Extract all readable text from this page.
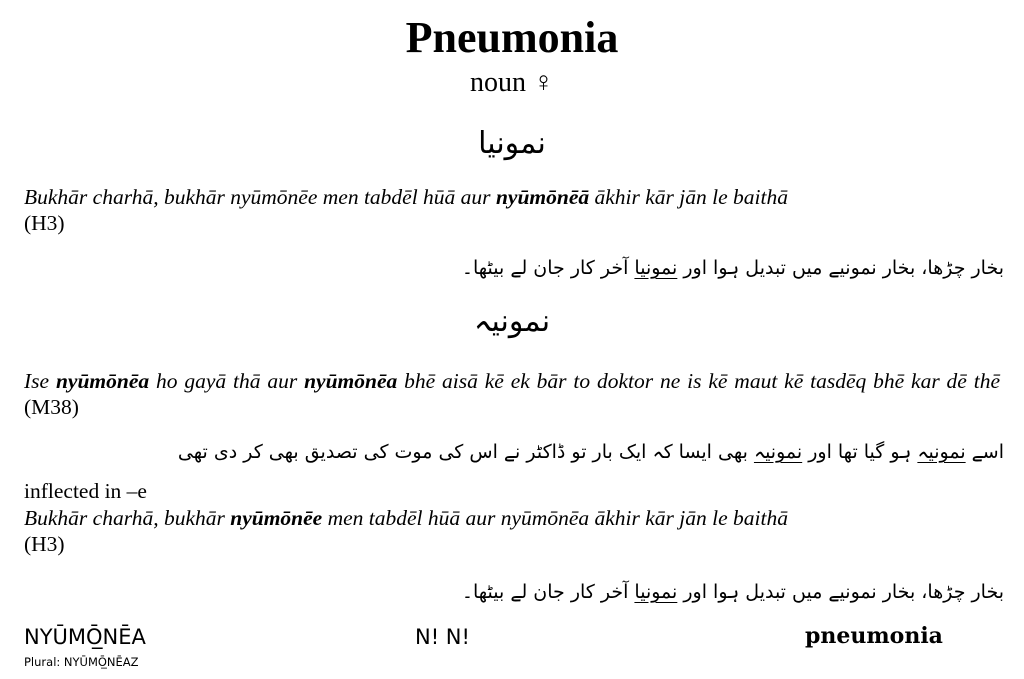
Pneumonia
noun ♀
نمونیا
Bukhār charhā, bukhār nyūmōnēe men tabdēl hūā aur nyūmōnēā ākhir kār jān le baithā
(H3)
بخار چڑھا، بخار نمونیے میں تبدیل ہوا اور نمونیا آخر کار جان لے بیٹھا۔
نمونیہ
Ise nyūmōnēa ho gayā thā aur nyūmōnēa bhē aisā kē ek bār to doktor ne is kē maut kē tasdēq bhē kar dē thē (M38)
اسے نمونیہ ہو گیا تھا اور نمونیہ بھی ایسا کہ ایک بار تو ڈاکٹر نے اس کی موت کی تصدیق بھی کر دی تھی
inflected in –e
Bukhār charhā, bukhār nyūmōnēe men tabdēl hūā aur nyūmōnēa ākhir kār jān le baithā
(H3)
بخار چڑھا، بخار نمونیے میں تبدیل ہوا اور نمونیا آخر کار جان لے بیٹھا۔
NYŪMŌ̲NĒA
Plural: NYŪMŌ̲NĒAZ
N! N!	pneumonia
